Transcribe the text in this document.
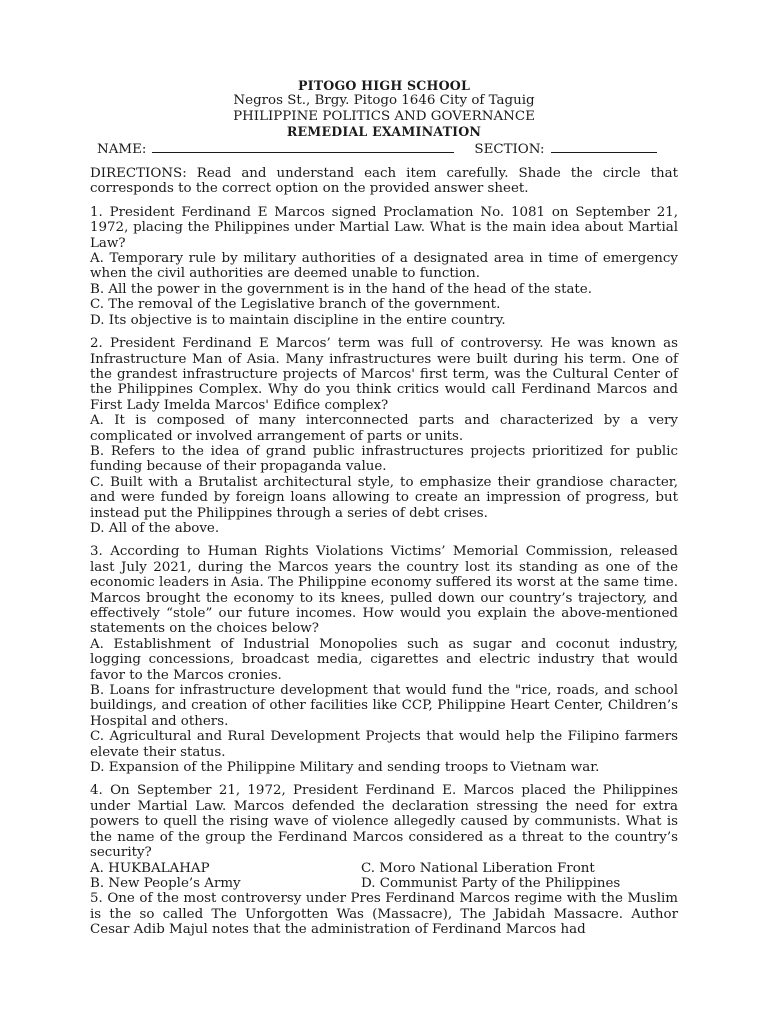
PITOGO HIGH SCHOOL

Negros St., Brgy. Pitogo 1646 City of Taguig

PHILIPPINE POLITICS AND GOVERNANCE

REMEDIAL EXAMINATION

NAME:	SECTION:

DIRECTIONS: Read and understand each item carefully. Shade the circle that corresponds to the correct option on the provided answer sheet.

1. President Ferdinand E Marcos signed Proclamation No. 1081 on September 21, 1972, placing the Philippines under Martial Law. What is the main idea about Martial Law?

A. Temporary rule by military authorities of a designated area in time of emergency when the civil authorities are deemed unable to function.

B. All the power in the government is in the hand of the head of the state.

C. The removal of the Legislative branch of the government.

D. Its objective is to maintain discipline in the entire country.

2. President Ferdinand E Marcos’ term was full of controversy. He was known as Infrastructure Man of Asia. Many infrastructures were built during his term. One of the grandest infrastructure projects of Marcos' first term, was the Cultural Center of the Philippines Complex. Why do you think critics would call Ferdinand Marcos and First Lady Imelda Marcos' Edifice complex?

A. It is composed of many interconnected parts and characterized by a very complicated or involved arrangement of parts or units.

B. Refers to the idea of grand public infrastructures projects prioritized for public funding because of their propaganda value.

C. Built with a Brutalist architectural style, to emphasize their grandiose character, and were funded by foreign loans allowing to create an impression of progress, but instead put the Philippines through a series of debt crises.

D. All of the above.

3. According to Human Rights Violations Victims’ Memorial Commission, released last July 2021, during the Marcos years the country lost its standing as one of the economic leaders in Asia. The Philippine economy suffered its worst at the same time. Marcos brought the economy to its knees, pulled down our country’s trajectory, and effectively “stole” our future incomes. How would you explain the above-mentioned statements on the choices below?

A. Establishment of Industrial Monopolies such as sugar and coconut industry, logging concessions, broadcast media, cigarettes and electric industry that would favor to the Marcos cronies.

B. Loans for infrastructure development that would fund the "rice, roads, and school buildings, and creation of other facilities like CCP, Philippine Heart Center, Children’s Hospital and others.

C. Agricultural and Rural Development Projects that would help the Filipino farmers elevate their status.

D. Expansion of the Philippine Military and sending troops to Vietnam war.

4. On September 21, 1972, President Ferdinand E. Marcos placed the Philippines under Martial Law. Marcos defended the declaration stressing the need for extra powers to quell the rising wave of violence allegedly caused by communists. What is the name of the group the Ferdinand Marcos considered as a threat to the country’s security?

A. HUKBALAHAP	C. Moro National Liberation Front
B. New People’s Army	D. Communist Party of the Philippines

5. One of the most controversy under Pres Ferdinand Marcos regime with the Muslim is the so called The Unforgotten Was (Massacre), The Jabidah Massacre. Author Cesar Adib Majul notes that the administration of Ferdinand Marcos had
